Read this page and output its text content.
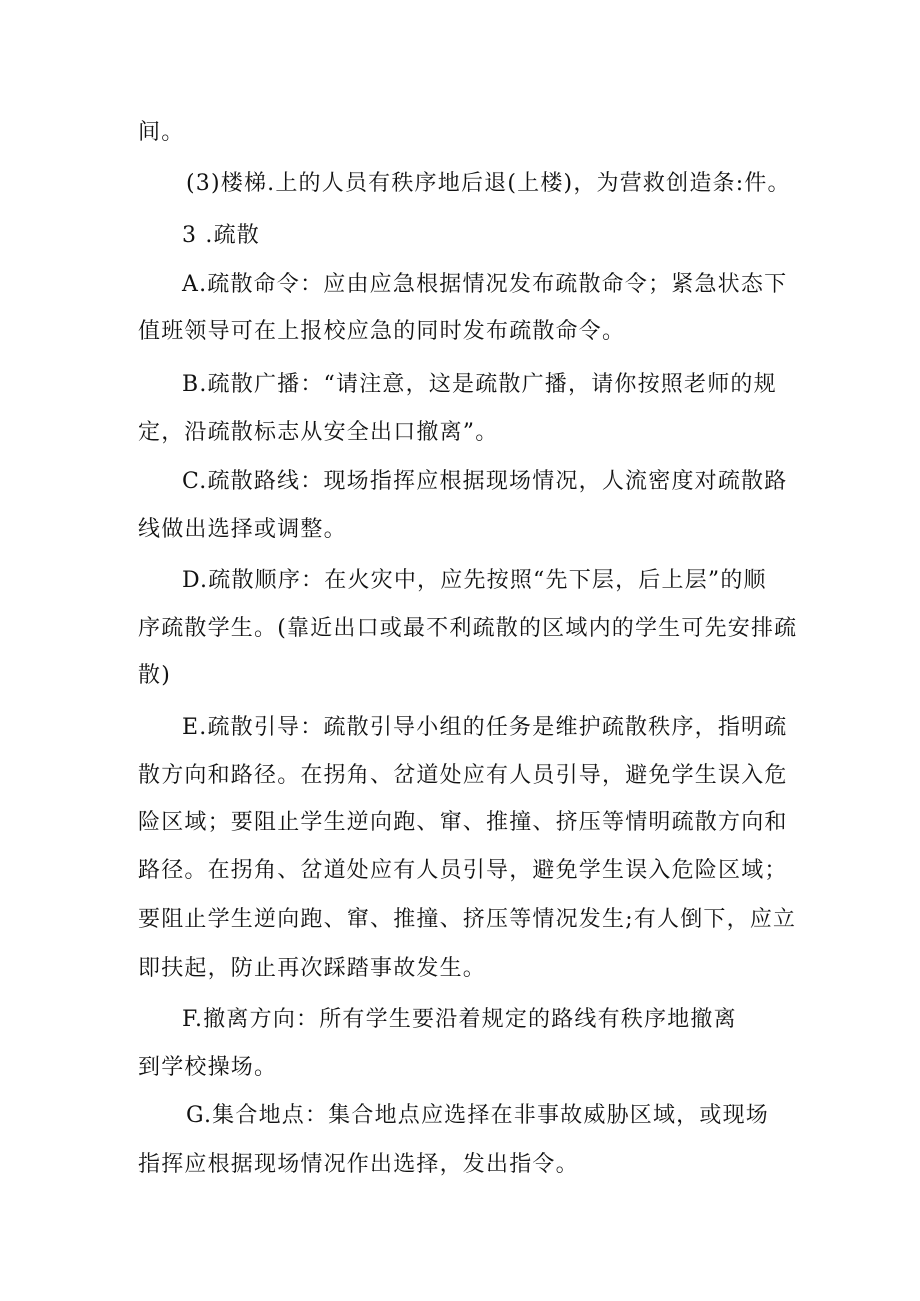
间。
(3)楼梯.上的人员有秩序地后退(上楼)，为营救创造条:件。
3 .疏散
A.疏散命令：应由应急根据情况发布疏散命令；紧急状态下
值班领导可在上报校应急的同时发布疏散命令。
B.疏散广播：“请注意，这是疏散广播，请你按照老师的规
定，沿疏散标志从安全出口撤离”。
C.疏散路线：现场指挥应根据现场情况，人流密度对疏散路
线做出选择或调整。
D.疏散顺序：在火灾中，应先按照“先下层，后上层”的顺
序疏散学生。(靠近出口或最不利疏散的区域内的学生可先安排疏
散)
E.疏散引导：疏散引导小组的任务是维护疏散秩序，指明疏
散方向和路径。在拐角、岔道处应有人员引导，避免学生误入危
险区域；要阻止学生逆向跑、窜、推撞、挤压等情明疏散方向和
路径。在拐角、岔道处应有人员引导，避免学生误入危险区域；
要阻止学生逆向跑、窜、推撞、挤压等情况发生;有人倒下，应立
即扶起，防止再次踩踏事故发生。
F.撤离方向：所有学生要沿着规定的路线有秩序地撤离
到学校操场。
G.集合地点：集合地点应选择在非事故威胁区域，或现场
指挥应根据现场情况作出选择，发出指令。
